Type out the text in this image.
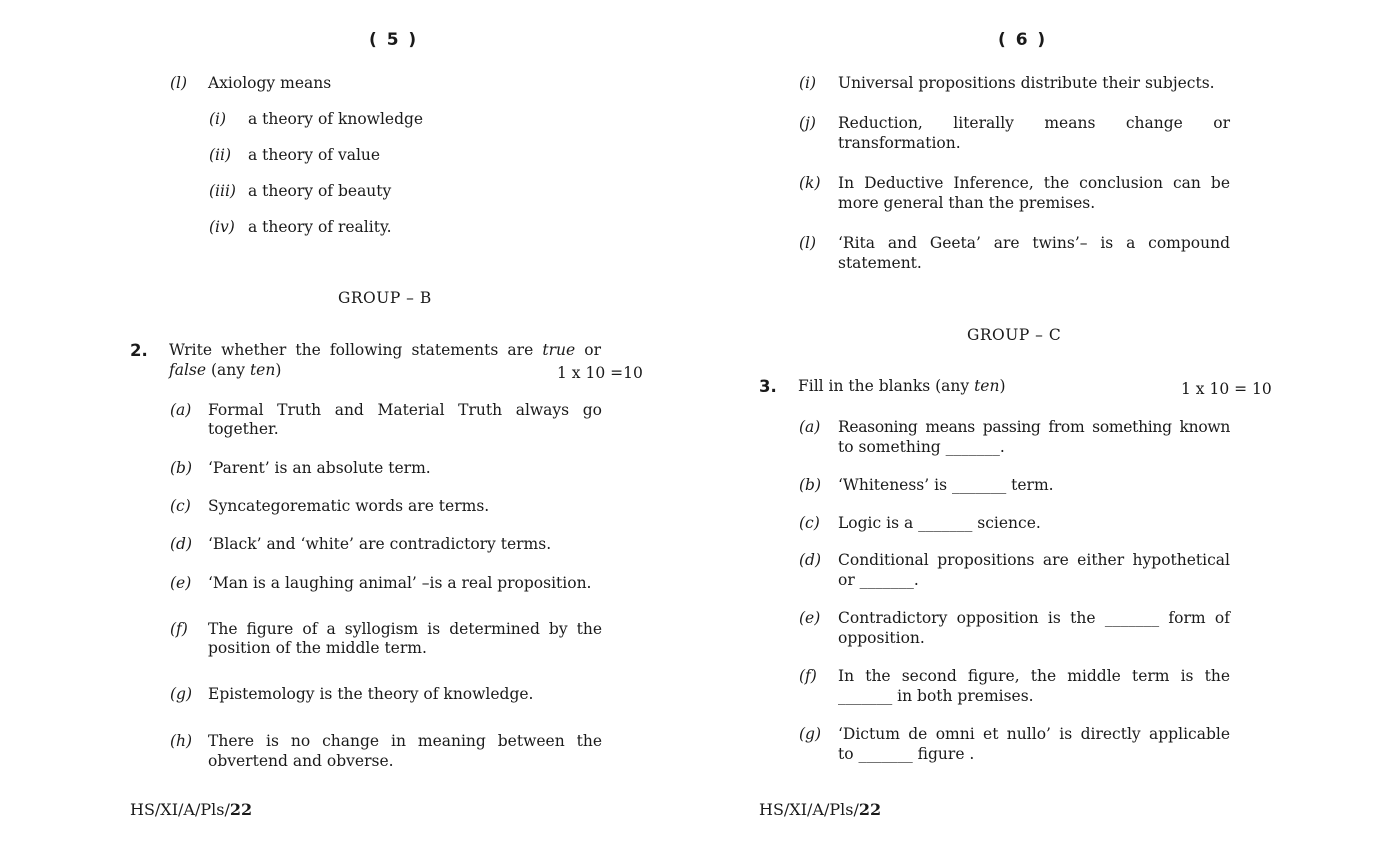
( 5 )
(l) Axiology means
(i) a theory of knowledge
(ii) a theory of value
(iii) a theory of beauty
(iv) a theory of reality.
GROUP – B
2. Write whether the following statements are true or
false (any ten)	1 x 10 =10
(a) Formal Truth and Material Truth always go
together.
(b) ‘Parent’ is an absolute term.
(c) Syncategorematic words are terms.
(d) ‘Black’ and ‘white’ are contradictory terms.
(e) ‘Man is a laughing animal’ –is a real proposition.
(f) The figure of a syllogism is determined by the
position of the middle term.
(g) Epistemology is the theory of knowledge.
(h) There is no change in meaning between the
obvertend and obverse.
HS/XI/A/Pls/22
( 6 )
(i) Universal propositions distribute their subjects.
(j) Reduction, literally means change or
transformation.
(k) In Deductive Inference, the conclusion can be
more general than the premises.
(l) ‘Rita and Geeta’ are twins’– is a compound
statement.
GROUP – C
3. Fill in the blanks (any ten)	1 x 10 = 10
(a) Reasoning means passing from something known
to something _______.
(b) ‘Whiteness’ is _______ term.
(c) Logic is a _______ science.
(d) Conditional propositions are either hypothetical
or _______.
(e) Contradictory opposition is the _______ form of
opposition.
(f) In the second figure, the middle term is the
_______ in both premises.
(g) ‘Dictum de omni et nullo’ is directly applicable
to _______ figure .
HS/XI/A/Pls/22
